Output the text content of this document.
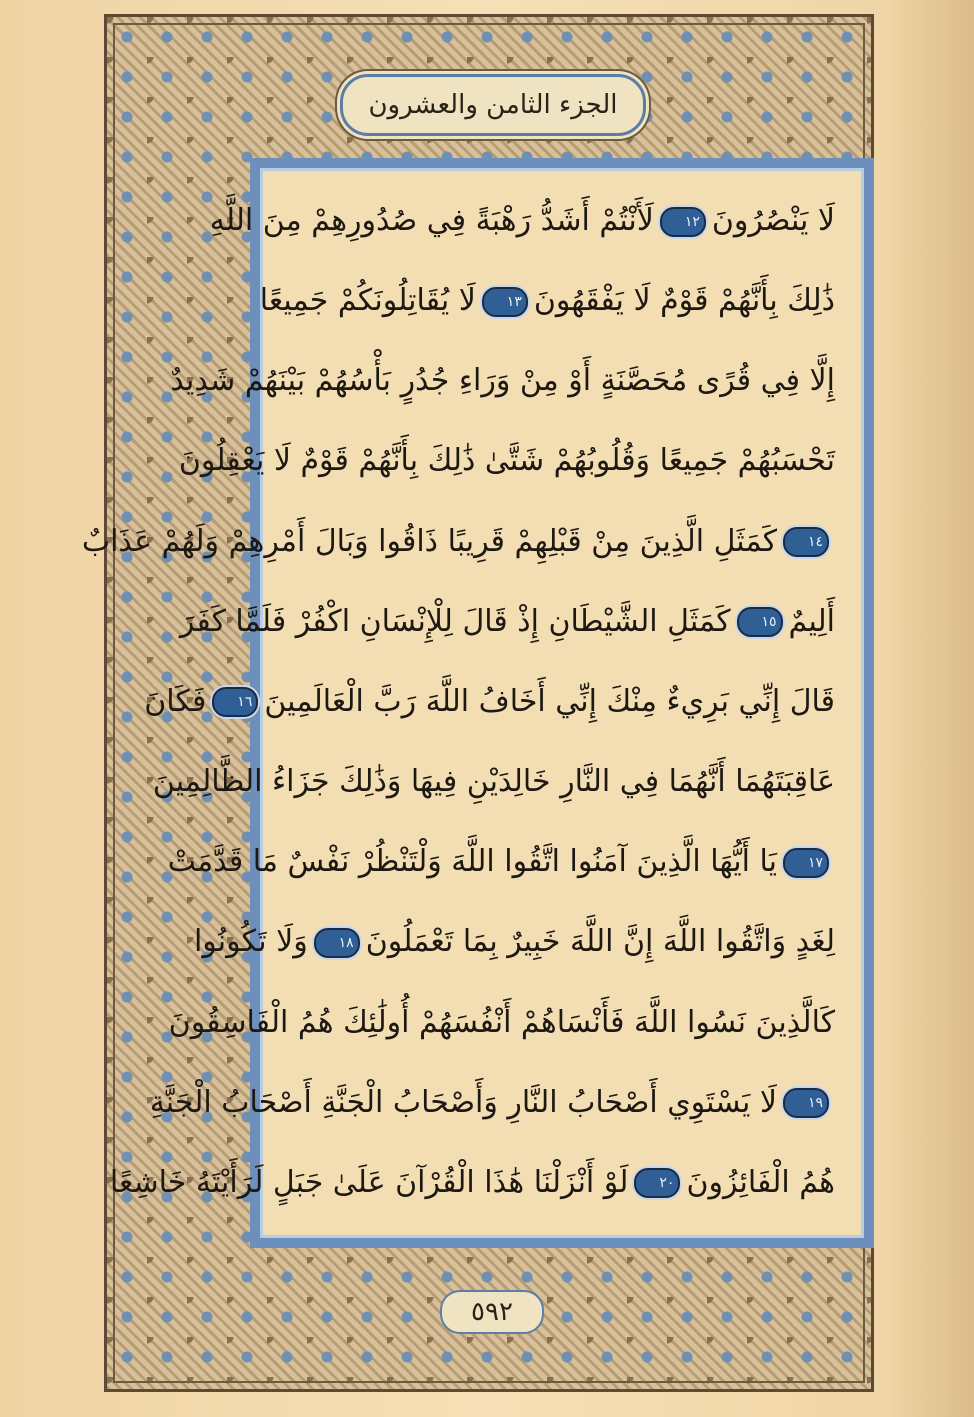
الجزء الثامن والعشرون
لَا يَنْصُرُونَ١٢لَأَنْتُمْ أَشَدُّ رَهْبَةً فِي صُدُورِهِمْ مِنَ اللَّهِ
ذَٰلِكَ بِأَنَّهُمْ قَوْمٌ لَا يَفْقَهُونَ١٣لَا يُقَاتِلُونَكُمْ جَمِيعًا
إِلَّا فِي قُرًى مُحَصَّنَةٍ أَوْ مِنْ وَرَاءِ جُدُرٍ بَأْسُهُمْ بَيْنَهُمْ شَدِيدٌ
تَحْسَبُهُمْ جَمِيعًا وَقُلُوبُهُمْ شَتَّىٰ ذَٰلِكَ بِأَنَّهُمْ قَوْمٌ لَا يَعْقِلُونَ
١٤كَمَثَلِ الَّذِينَ مِنْ قَبْلِهِمْ قَرِيبًا ذَاقُوا وَبَالَ أَمْرِهِمْ وَلَهُمْ عَذَابٌ
أَلِيمٌ١٥كَمَثَلِ الشَّيْطَانِ إِذْ قَالَ لِلْإِنْسَانِ اكْفُرْ فَلَمَّا كَفَرَ
قَالَ إِنِّي بَرِيءٌ مِنْكَ إِنِّي أَخَافُ اللَّهَ رَبَّ الْعَالَمِينَ١٦فَكَانَ
عَاقِبَتَهُمَا أَنَّهُمَا فِي النَّارِ خَالِدَيْنِ فِيهَا وَذَٰلِكَ جَزَاءُ الظَّالِمِينَ
١٧يَا أَيُّهَا الَّذِينَ آمَنُوا اتَّقُوا اللَّهَ وَلْتَنْظُرْ نَفْسٌ مَا قَدَّمَتْ
لِغَدٍ وَاتَّقُوا اللَّهَ إِنَّ اللَّهَ خَبِيرٌ بِمَا تَعْمَلُونَ١٨وَلَا تَكُونُوا
كَالَّذِينَ نَسُوا اللَّهَ فَأَنْسَاهُمْ أَنْفُسَهُمْ أُولَٰئِكَ هُمُ الْفَاسِقُونَ
١٩لَا يَسْتَوِي أَصْحَابُ النَّارِ وَأَصْحَابُ الْجَنَّةِ أَصْحَابُ الْجَنَّةِ
هُمُ الْفَائِزُونَ٢٠لَوْ أَنْزَلْنَا هَٰذَا الْقُرْآنَ عَلَىٰ جَبَلٍ لَرَأَيْتَهُ خَاشِعًا
٥٩٢
